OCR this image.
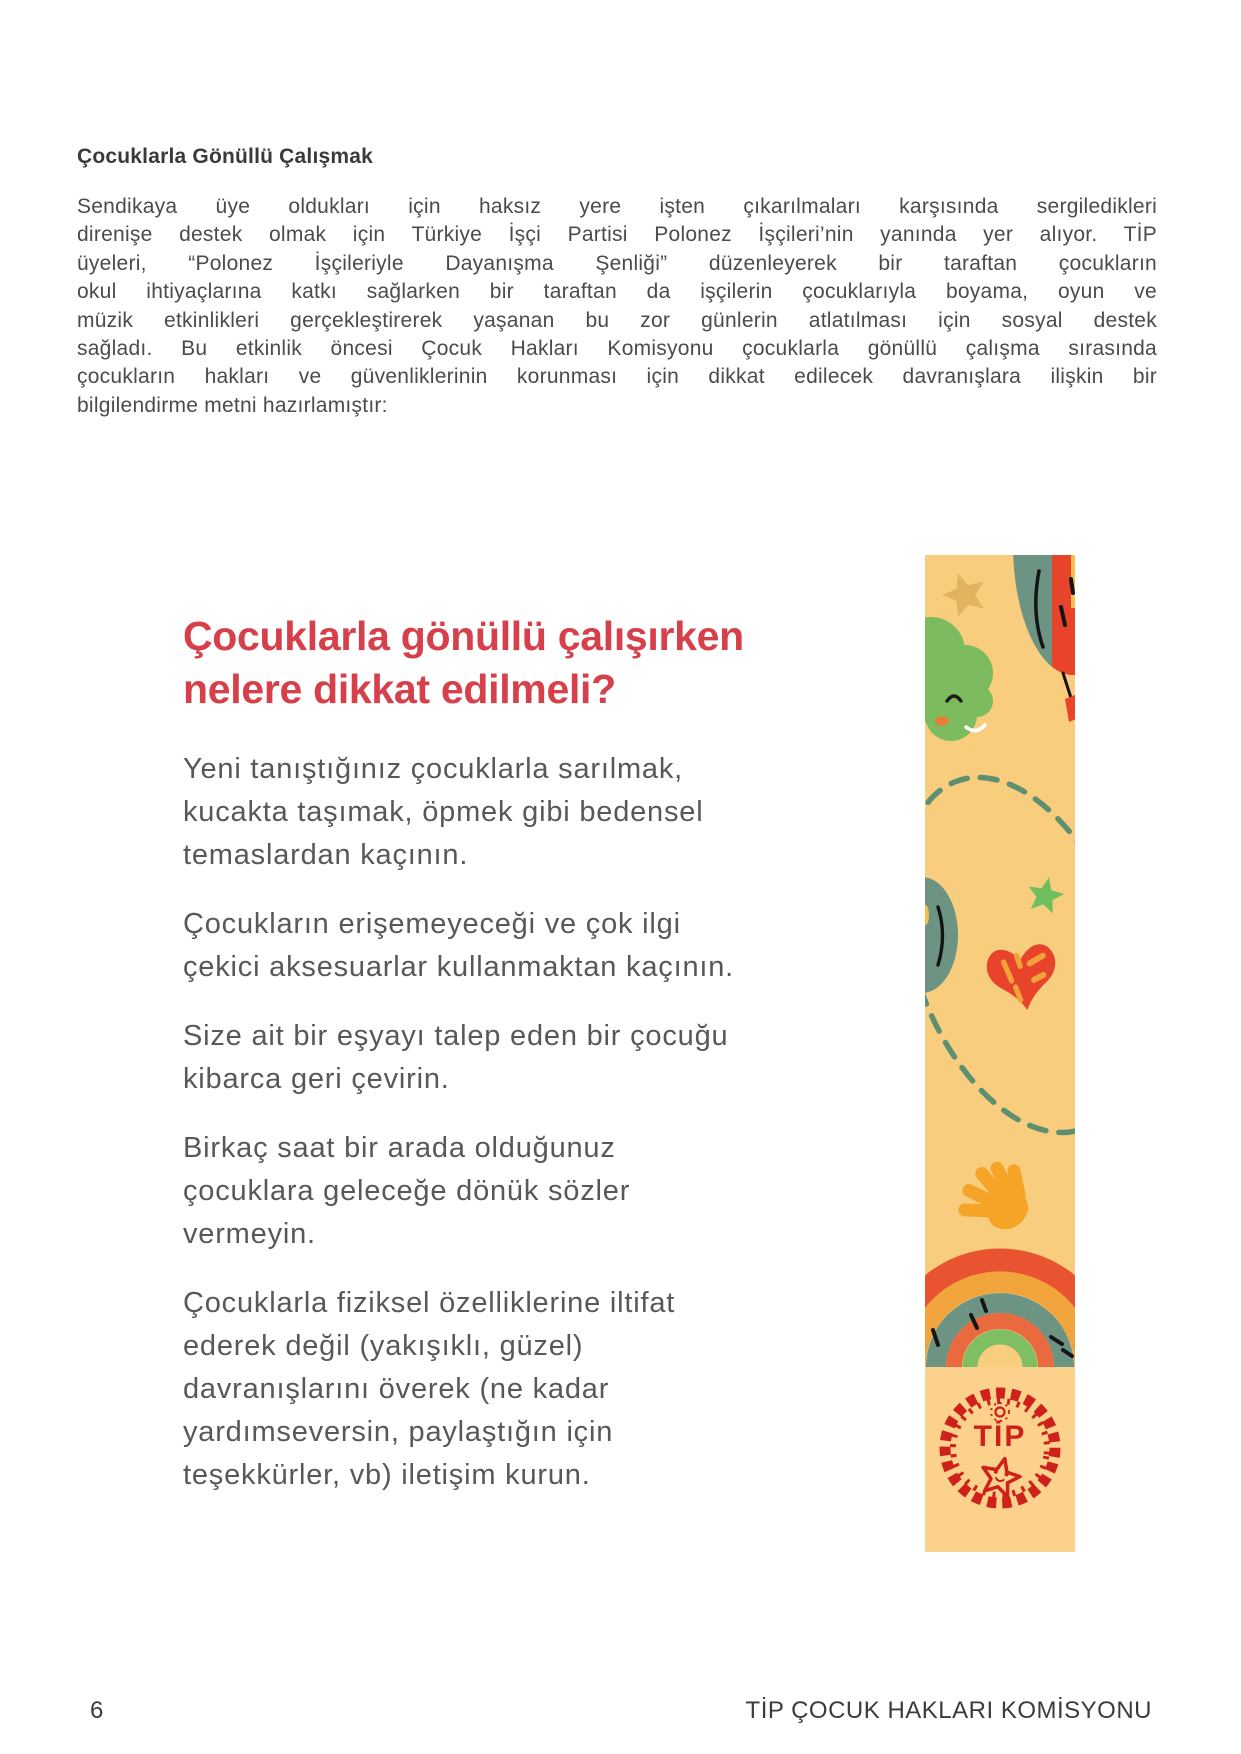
Çocuklarla Gönüllü Çalışmak
Sendikaya üye oldukları için haksız yere işten çıkarılmaları karşısında sergiledikleri
direnişe destek olmak için Türkiye İşçi Partisi Polonez İşçileri’nin yanında yer alıyor. TİP
üyeleri, “Polonez İşçileriyle Dayanışma Şenliği” düzenleyerek bir taraftan çocukların
okul ihtiyaçlarına katkı sağlarken bir taraftan da işçilerin çocuklarıyla boyama, oyun ve
müzik etkinlikleri gerçekleştirerek yaşanan bu zor günlerin atlatılması için sosyal destek
sağladı. Bu etkinlik öncesi Çocuk Hakları Komisyonu çocuklarla gönüllü çalışma sırasında
çocukların hakları ve güvenliklerinin korunması için dikkat edilecek davranışlara ilişkin bir
bilgilendirme metni hazırlamıştır:
TİP
Çocuklarla gönüllü çalışırken
nelere dikkat edilmeli?

Yeni tanıştığınız çocuklarla sarılmak,
kucakta taşımak, öpmek gibi bedensel
temaslardan kaçının.

Çocukların erişemeyeceği ve çok ilgi
çekici aksesuarlar kullanmaktan kaçının.

Size ait bir eşyayı talep eden bir çocuğu
kibarca geri çevirin.

Birkaç saat bir arada olduğunuz
çocuklara geleceğe dönük sözler
vermeyin.

Çocuklarla fiziksel özelliklerine iltifat
ederek değil (yakışıklı, güzel)
davranışlarını överek (ne kadar
yardımseversin, paylaştığın için
teşekkürler, vb) iletişim kurun.

6	TİP ÇOCUK HAKLARI KOMİSYONU
